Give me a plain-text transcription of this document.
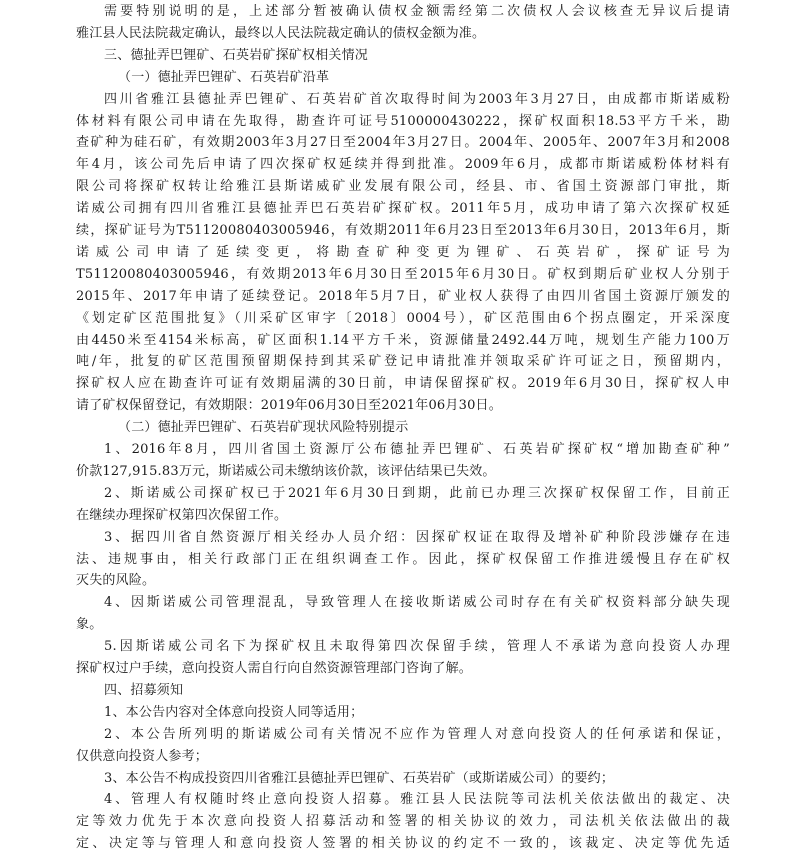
需要特别说明的是，上述部分暂被确认债权金额需经第二次债权人会议核查无异议后提请
雅江县人民法院裁定确认，最终以人民法院裁定确认的债权金额为准。
三、德扯弄巴锂矿、石英岩矿探矿权相关情况
（一）德扯弄巴锂矿、石英岩矿沿革
四川省雅江县德扯弄巴锂矿、石英岩矿首次取得时间为2003年3月27日，由成都市斯诺威粉
体材料有限公司申请在先取得，勘查许可证号5100000430222，探矿权面积18.53平方千米，勘
查矿种为硅石矿，有效期2003年3月27日至2004年3月27日。2004年、2005年、2007年3月和2008
年4月，该公司先后申请了四次探矿权延续并得到批准。2009年6月，成都市斯诺威粉体材料有
限公司将探矿权转让给雅江县斯诺威矿业发展有限公司，经县、市、省国土资源部门审批，斯
诺威公司拥有四川省雅江县德扯弄巴石英岩矿探矿权。2011年5月，成功申请了第六次探矿权延
续，探矿证号为T51120080403005946，有效期2011年6月23日至2013年6月30日，2013年6月，斯
诺威公司申请了延续变更，将勘查矿种变更为锂矿、石英岩矿，探矿证号为
T51120080403005946，有效期2013年6月30日至2015年6月30日。矿权到期后矿业权人分别于
2015年、2017年申请了延续登记。2018年5月7日，矿业权人获得了由四川省国土资源厅颁发的
《划定矿区范围批复》（川采矿区审字〔2018〕0004号），矿区范围由6个拐点圈定，开采深度
由4450米至4154米标高，矿区面积1.14平方千米，资源储量2492.44万吨，规划生产能力100万
吨/年，批复的矿区范围预留期保持到其采矿登记申请批准并领取采矿许可证之日，预留期内，
探矿权人应在勘查许可证有效期届满的30日前，申请保留探矿权。2019年6月30日，探矿权人申
请了矿权保留登记，有效期限：2019年06月30日至2021年06月30日。
（二）德扯弄巴锂矿、石英岩矿现状风险特别提示
1、2016年8月，四川省国土资源厅公布德扯弄巴锂矿、石英岩矿探矿权“增加勘查矿种”
价款127,915.83万元，斯诺威公司未缴纳该价款，该评估结果已失效。
2、斯诺威公司探矿权已于2021年6月30日到期，此前已办理三次探矿权保留工作，目前正
在继续办理探矿权第四次保留工作。
3、据四川省自然资源厅相关经办人员介绍：因探矿权证在取得及增补矿种阶段涉嫌存在违
法、违规事由，相关行政部门正在组织调查工作。因此，探矿权保留工作推进缓慢且存在矿权
灭失的风险。
4、因斯诺威公司管理混乱，导致管理人在接收斯诺威公司时存在有关矿权资料部分缺失现
象。
5.因斯诺威公司名下为探矿权且未取得第四次保留手续，管理人不承诺为意向投资人办理
探矿权过户手续，意向投资人需自行向自然资源管理部门咨询了解。
四、招募须知
1、本公告内容对全体意向投资人同等适用；
2、本公告所列明的斯诺威公司有关情况不应作为管理人对意向投资人的任何承诺和保证，
仅供意向投资人参考；
3、本公告不构成投资四川省雅江县德扯弄巴锂矿、石英岩矿（或斯诺威公司）的要约；
4、管理人有权随时终止意向投资人招募。雅江县人民法院等司法机关依法做出的裁定、决
定等效力优先于本次意向投资人招募活动和签署的相关协议的效力，司法机关依法做出的裁
定、决定等与管理人和意向投资人签署的相关协议的约定不一致的，该裁定、决定等优先适
